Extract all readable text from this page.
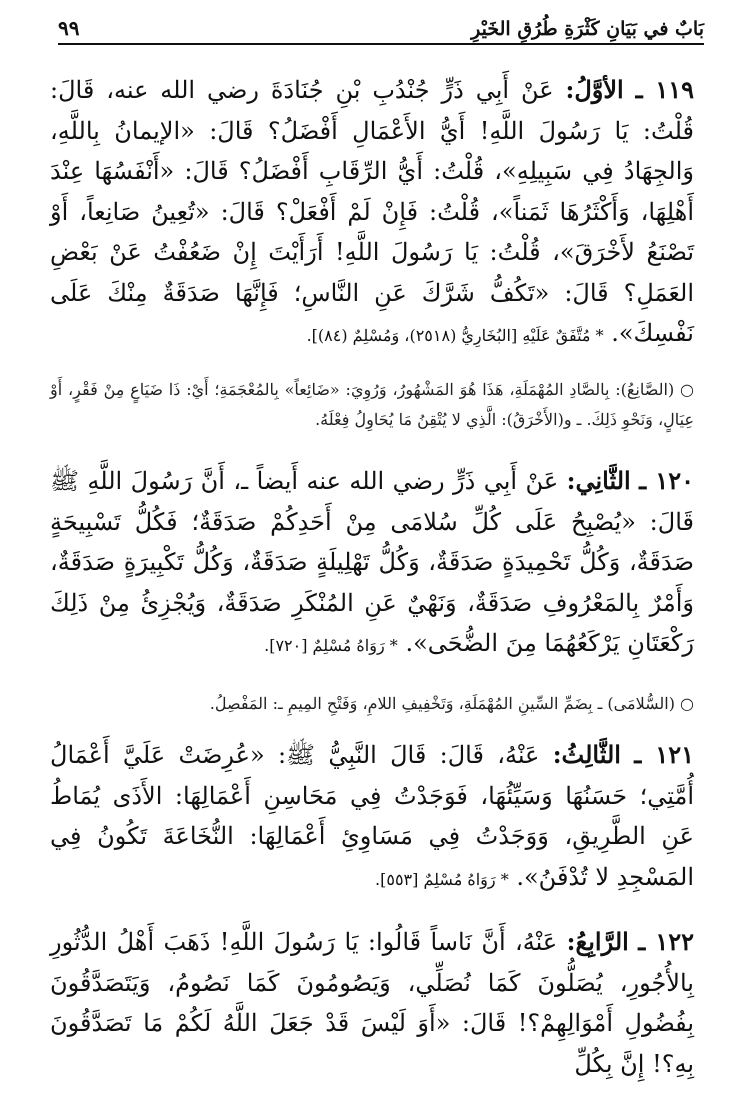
بَابٌ في بَيَانِ كَثْرَةِ طُرُقِ الخَيْرِ
٩٩
١١٩ ـ الأوَّلُ: عَنْ أَبِي ذَرٍّ جُنْدُبِ بْنِ جُنَادَةَ رضي الله عنه، قَالَ: قُلْتُ: يَا رَسُولَ اللَّهِ! أَيُّ الأَعْمَالِ أَفْضَلُ؟ قَالَ: «الإيمانُ بِاللَّهِ، وَالجِهَادُ فِي سَبِيلِهِ»، قُلْتُ: أَيُّ الرِّقَابِ أَفْضَلُ؟ قَالَ: «أَنْفَسُهَا عِنْدَ أَهْلِهَا، وَأَكْثَرُهَا ثَمَناً»، قُلْتُ: فَإِنْ لَمْ أَفْعَلْ؟ قَالَ: «تُعِينُ صَانِعاً، أَوْ تَصْنَعُ لأَخْرَقَ»، قُلْتُ: يَا رَسُولَ اللَّهِ! أَرَأَيْتَ إِنْ ضَعُفْتُ عَنْ بَعْضِ العَمَلِ؟ قَالَ: «تَكُفُّ شَرَّكَ عَنِ النَّاسِ؛ فَإِنَّهَا صَدَقَةٌ مِنْكَ عَلَى نَفْسِكَ». * مُتَّفَقٌ عَلَيْهِ [البُخَارِيُّ (٢٥١٨)، وَمُسْلِمٌ (٨٤)].
○ (الصَّانِعُ): بِالصَّادِ المُهْمَلَةِ، هَذَا هُوَ المَشْهُورُ، وَرُوِيَ: «ضَائِعاً» بِالمُعْجَمَةِ؛ أَيْ: ذَا ضَيَاعٍ مِنْ فَقْرٍ، أَوْ عِيَالٍ، وَنَحْوِ ذَلِكَ. ـ و(الأَخْرَقُ): الَّذِي لا يُتْقِنُ مَا يُحَاوِلُ فِعْلَهُ.
١٢٠ ـ الثَّانِي: عَنْ أَبِي ذَرٍّ رضي الله عنه أَيضاً ـ، أَنَّ رَسُولَ اللَّهِ ﷺ قَالَ: «يُصْبِحُ عَلَى كُلِّ سُلامَى مِنْ أَحَدِكُمْ صَدَقَةٌ؛ فَكُلُّ تَسْبِيحَةٍ صَدَقَةٌ، وَكُلُّ تَحْمِيدَةٍ صَدَقَةٌ، وَكُلُّ تَهْلِيلَةٍ صَدَقَةٌ، وَكُلُّ تَكْبِيرَةٍ صَدَقَةٌ، وَأَمْرٌ بِالمَعْرُوفِ صَدَقَةٌ، وَنَهْيٌ عَنِ المُنْكَرِ صَدَقَةٌ، وَيُجْزِئُ مِنْ ذَلِكَ رَكْعَتَانِ يَرْكَعُهُمَا مِنَ الضُّحَى». * رَوَاهُ مُسْلِمٌ [٧٢٠].
○ (السُّلامَى) ـ بِضَمِّ السِّينِ المُهْمَلَةِ، وَتَخْفِيفِ اللامِ، وَفَتْحِ المِيمِ ـ: المَفْصِلُ.
١٢١ ـ الثَّالِثُ: عَنْهُ، قَالَ: قَالَ النَّبِيُّ ﷺ: «عُرِضَتْ عَلَيَّ أَعْمَالُ أُمَّتِي؛ حَسَنُهَا وَسَيِّئُهَا، فَوَجَدْتُ فِي مَحَاسِنِ أَعْمَالِهَا: الأَذَى يُمَاطُ عَنِ الطَّرِيقِ، وَوَجَدْتُ فِي مَسَاوِئِ أَعْمَالِهَا: النُّخَاعَةَ تَكُونُ فِي المَسْجِدِ لا تُدْفَنُ». * رَوَاهُ مُسْلِمٌ [٥٥٣].
١٢٢ ـ الرَّابِعُ: عَنْهُ، أَنَّ نَاساً قَالُوا: يَا رَسُولَ اللَّهِ! ذَهَبَ أَهْلُ الدُّثُورِ بِالأُجُورِ، يُصَلُّونَ كَمَا نُصَلِّي، وَيَصُومُونَ كَمَا نَصُومُ، وَيَتَصَدَّقُونَ بِفُضُولِ أَمْوَالِهِمْ؟! قَالَ: «أَوَ لَيْسَ قَدْ جَعَلَ اللَّهُ لَكُمْ مَا تَصَدَّقُونَ بِهِ؟! إِنَّ بِكُلِّ
